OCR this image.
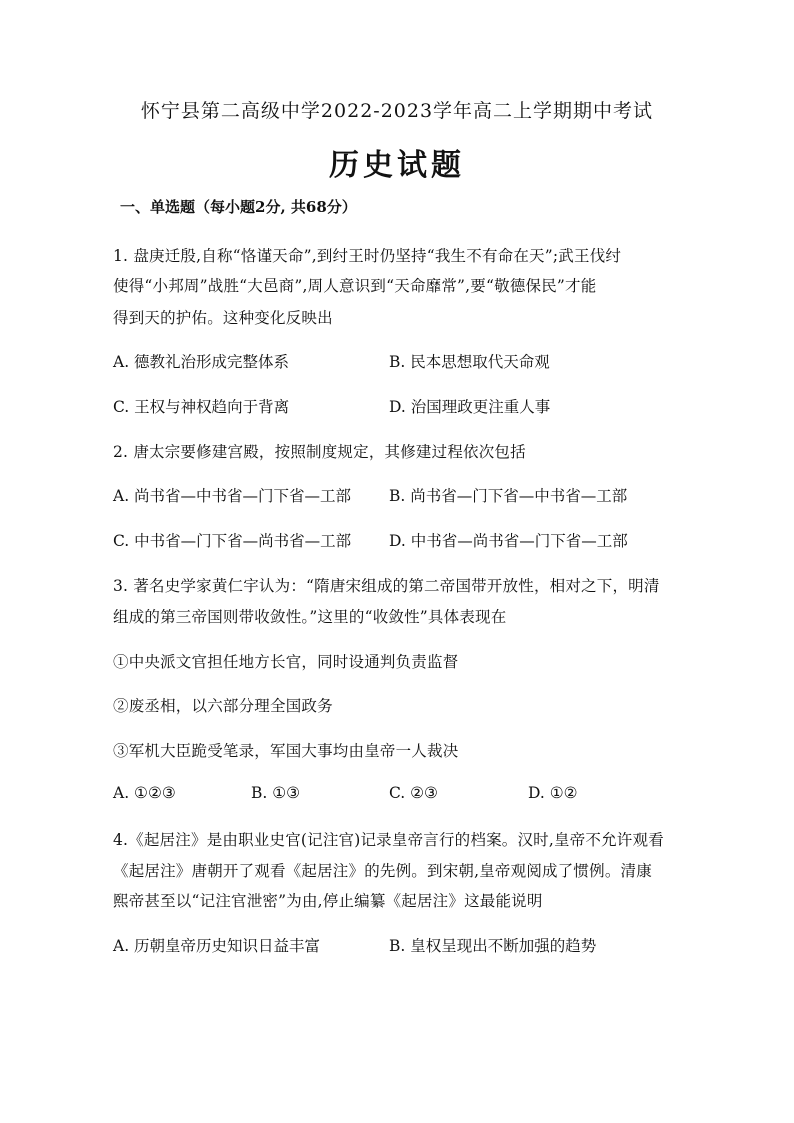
怀宁县第二高级中学2022-2023学年高二上学期期中考试
历史试题
一、单选题（每小题2分, 共68分）
1. 盘庚迁殷,自称“恪谨天命”,到纣王时仍坚持“我生不有命在天”;武王伐纣
使得“小邦周”战胜“大邑商”,周人意识到“天命靡常”,要“敬德保民”才能
得到天的护佑。这种变化反映出
A. 德教礼治形成完整体系	B. 民本思想取代天命观
C. 王权与神权趋向于背离	D. 治国理政更注重人事
2. 唐太宗要修建宫殿，按照制度规定，其修建过程依次包括
A. 尚书省—中书省—门下省—工部 B. 尚书省—门下省—中书省—工部
C. 中书省—门下省—尚书省—工部 D. 中书省—尚书省—门下省—工部
3. 著名史学家黄仁宇认为：“隋唐宋组成的第二帝国带开放性，相对之下，明清
组成的第三帝国则带收敛性。”这里的“收敛性”具体表现在
①中央派文官担任地方长官，同时设通判负责监督
②废丞相，以六部分理全国政务
③军机大臣跪受笔录，军国大事均由皇帝一人裁决
A. ①②③	B. ①③	C. ②③	D. ①②
4.《起居注》是由职业史官(记注官)记录皇帝言行的档案。汉时,皇帝不允许观看
《起居注》唐朝开了观看《起居注》的先例。到宋朝,皇帝观阅成了惯例。清康
熙帝甚至以“记注官泄密”为由,停止编纂《起居注》这最能说明
A. 历朝皇帝历史知识日益丰富	B. 皇权呈现出不断加强的趋势
